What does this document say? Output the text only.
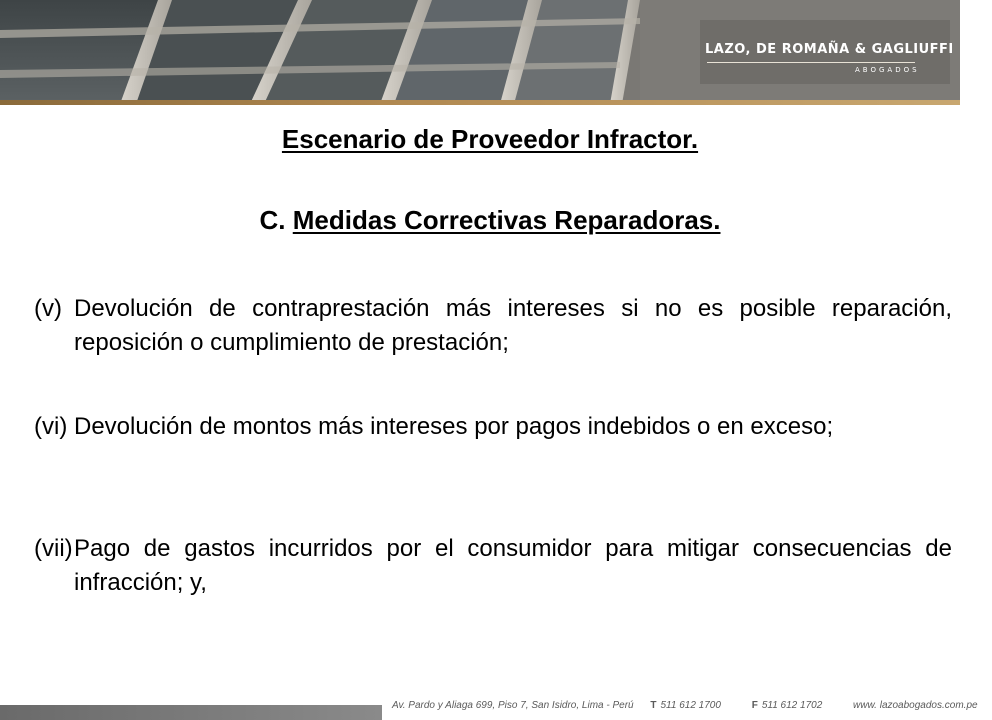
LAZO, DE ROMAÑA & GAGLIUFFI
ABOGADOS
Escenario de Proveedor Infractor.
C. Medidas Correctivas Reparadoras.
(v) Devolución de contraprestación más intereses si no es posible reparación, reposición o cumplimiento de prestación;
(vi) Devolución de montos más intereses por pagos indebidos o en exceso;
(vii) Pago de gastos incurridos por el consumidor para mitigar consecuencias de infracción; y,
Av. Pardo y Aliaga 699, Piso 7, San Isidro, Lima - Perú T 511 612 1700	F 511 612 1702	www. lazoabogados.com.pe
